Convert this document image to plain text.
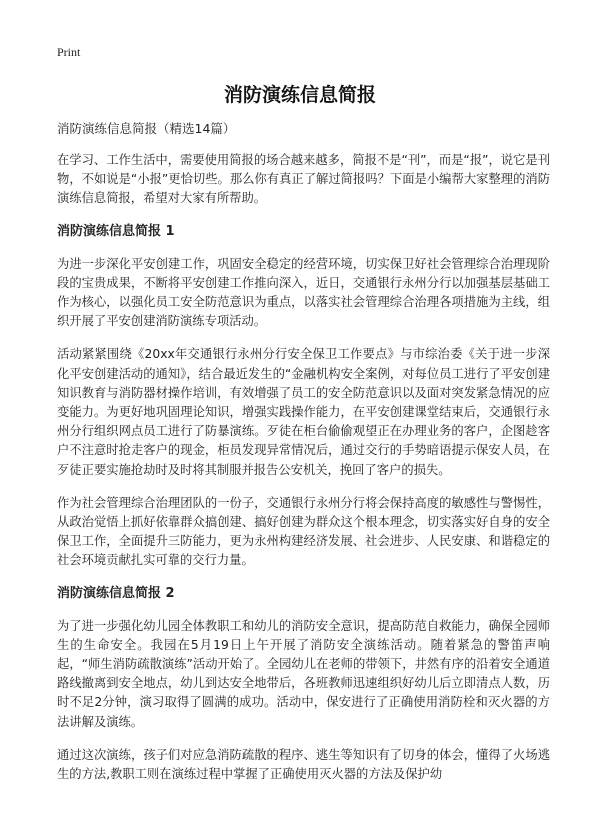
Print
消防演练信息简报
消防演练信息简报（精选14篇）

在学习、工作生活中，需要使用简报的场合越来越多，简报不是“刊”，而是“报”，说它是刊物，不如说是“小报”更恰切些。那么你有真正了解过简报吗？下面是小编帮大家整理的消防演练信息简报，希望对大家有所帮助。

消防演练信息简报 1

为进一步深化平安创建工作，巩固安全稳定的经营环境，切实保卫好社会管理综合治理现阶段的宝贵成果，不断将平安创建工作推向深入，近日，交通银行永州分行以加强基层基础工作为核心，以强化员工安全防范意识为重点，以落实社会管理综合治理各项措施为主线，组织开展了平安创建消防演练专项活动。

活动紧紧围绕《20xx年交通银行永州分行安全保卫工作要点》与市综治委《关于进一步深化平安创建活动的通知》，结合最近发生的“金融机构安全案例，对每位员工进行了平安创建知识教育与消防器材操作培训，有效增强了员工的安全防范意识以及面对突发紧急情况的应变能力。为更好地巩固理论知识，增强实践操作能力，在平安创建课堂结束后，交通银行永州分行组织网点员工进行了防暴演练。歹徒在柜台偷偷观望正在办理业务的客户，企图趁客户不注意时抢走客户的现金，柜员发现异常情况后，通过交行的手势暗语提示保安人员，在歹徒正要实施抢劫时及时将其制服并报告公安机关，挽回了客户的损失。

作为社会管理综合治理团队的一份子，交通银行永州分行将会保持高度的敏感性与警惕性，从政治觉悟上抓好依靠群众搞创建、搞好创建为群众这个根本理念，切实落实好自身的安全保卫工作，全面提升三防能力，更为永州构建经济发展、社会进步、人民安康、和谐稳定的社会环境贡献扎实可靠的交行力量。

消防演练信息简报 2

为了进一步强化幼儿园全体教职工和幼儿的消防安全意识，提高防范自救能力，确保全园师生的生命安全。我园在5月19日上午开展了消防安全演练活动。随着紧急的警笛声响起，“师生消防疏散演练”活动开始了。全园幼儿在老师的带领下，井然有序的沿着安全通道路线撤离到安全地点，幼儿到达安全地带后，各班教师迅速组织好幼儿后立即清点人数，历时不足2分钟，演习取得了圆满的成功。活动中，保安进行了正确使用消防栓和灭火器的方法讲解及演练。

通过这次演练，孩子们对应急消防疏散的程序、逃生等知识有了切身的体会，懂得了火场逃生的方法,教职工则在演练过程中掌握了正确使用灭火器的方法及保护幼
